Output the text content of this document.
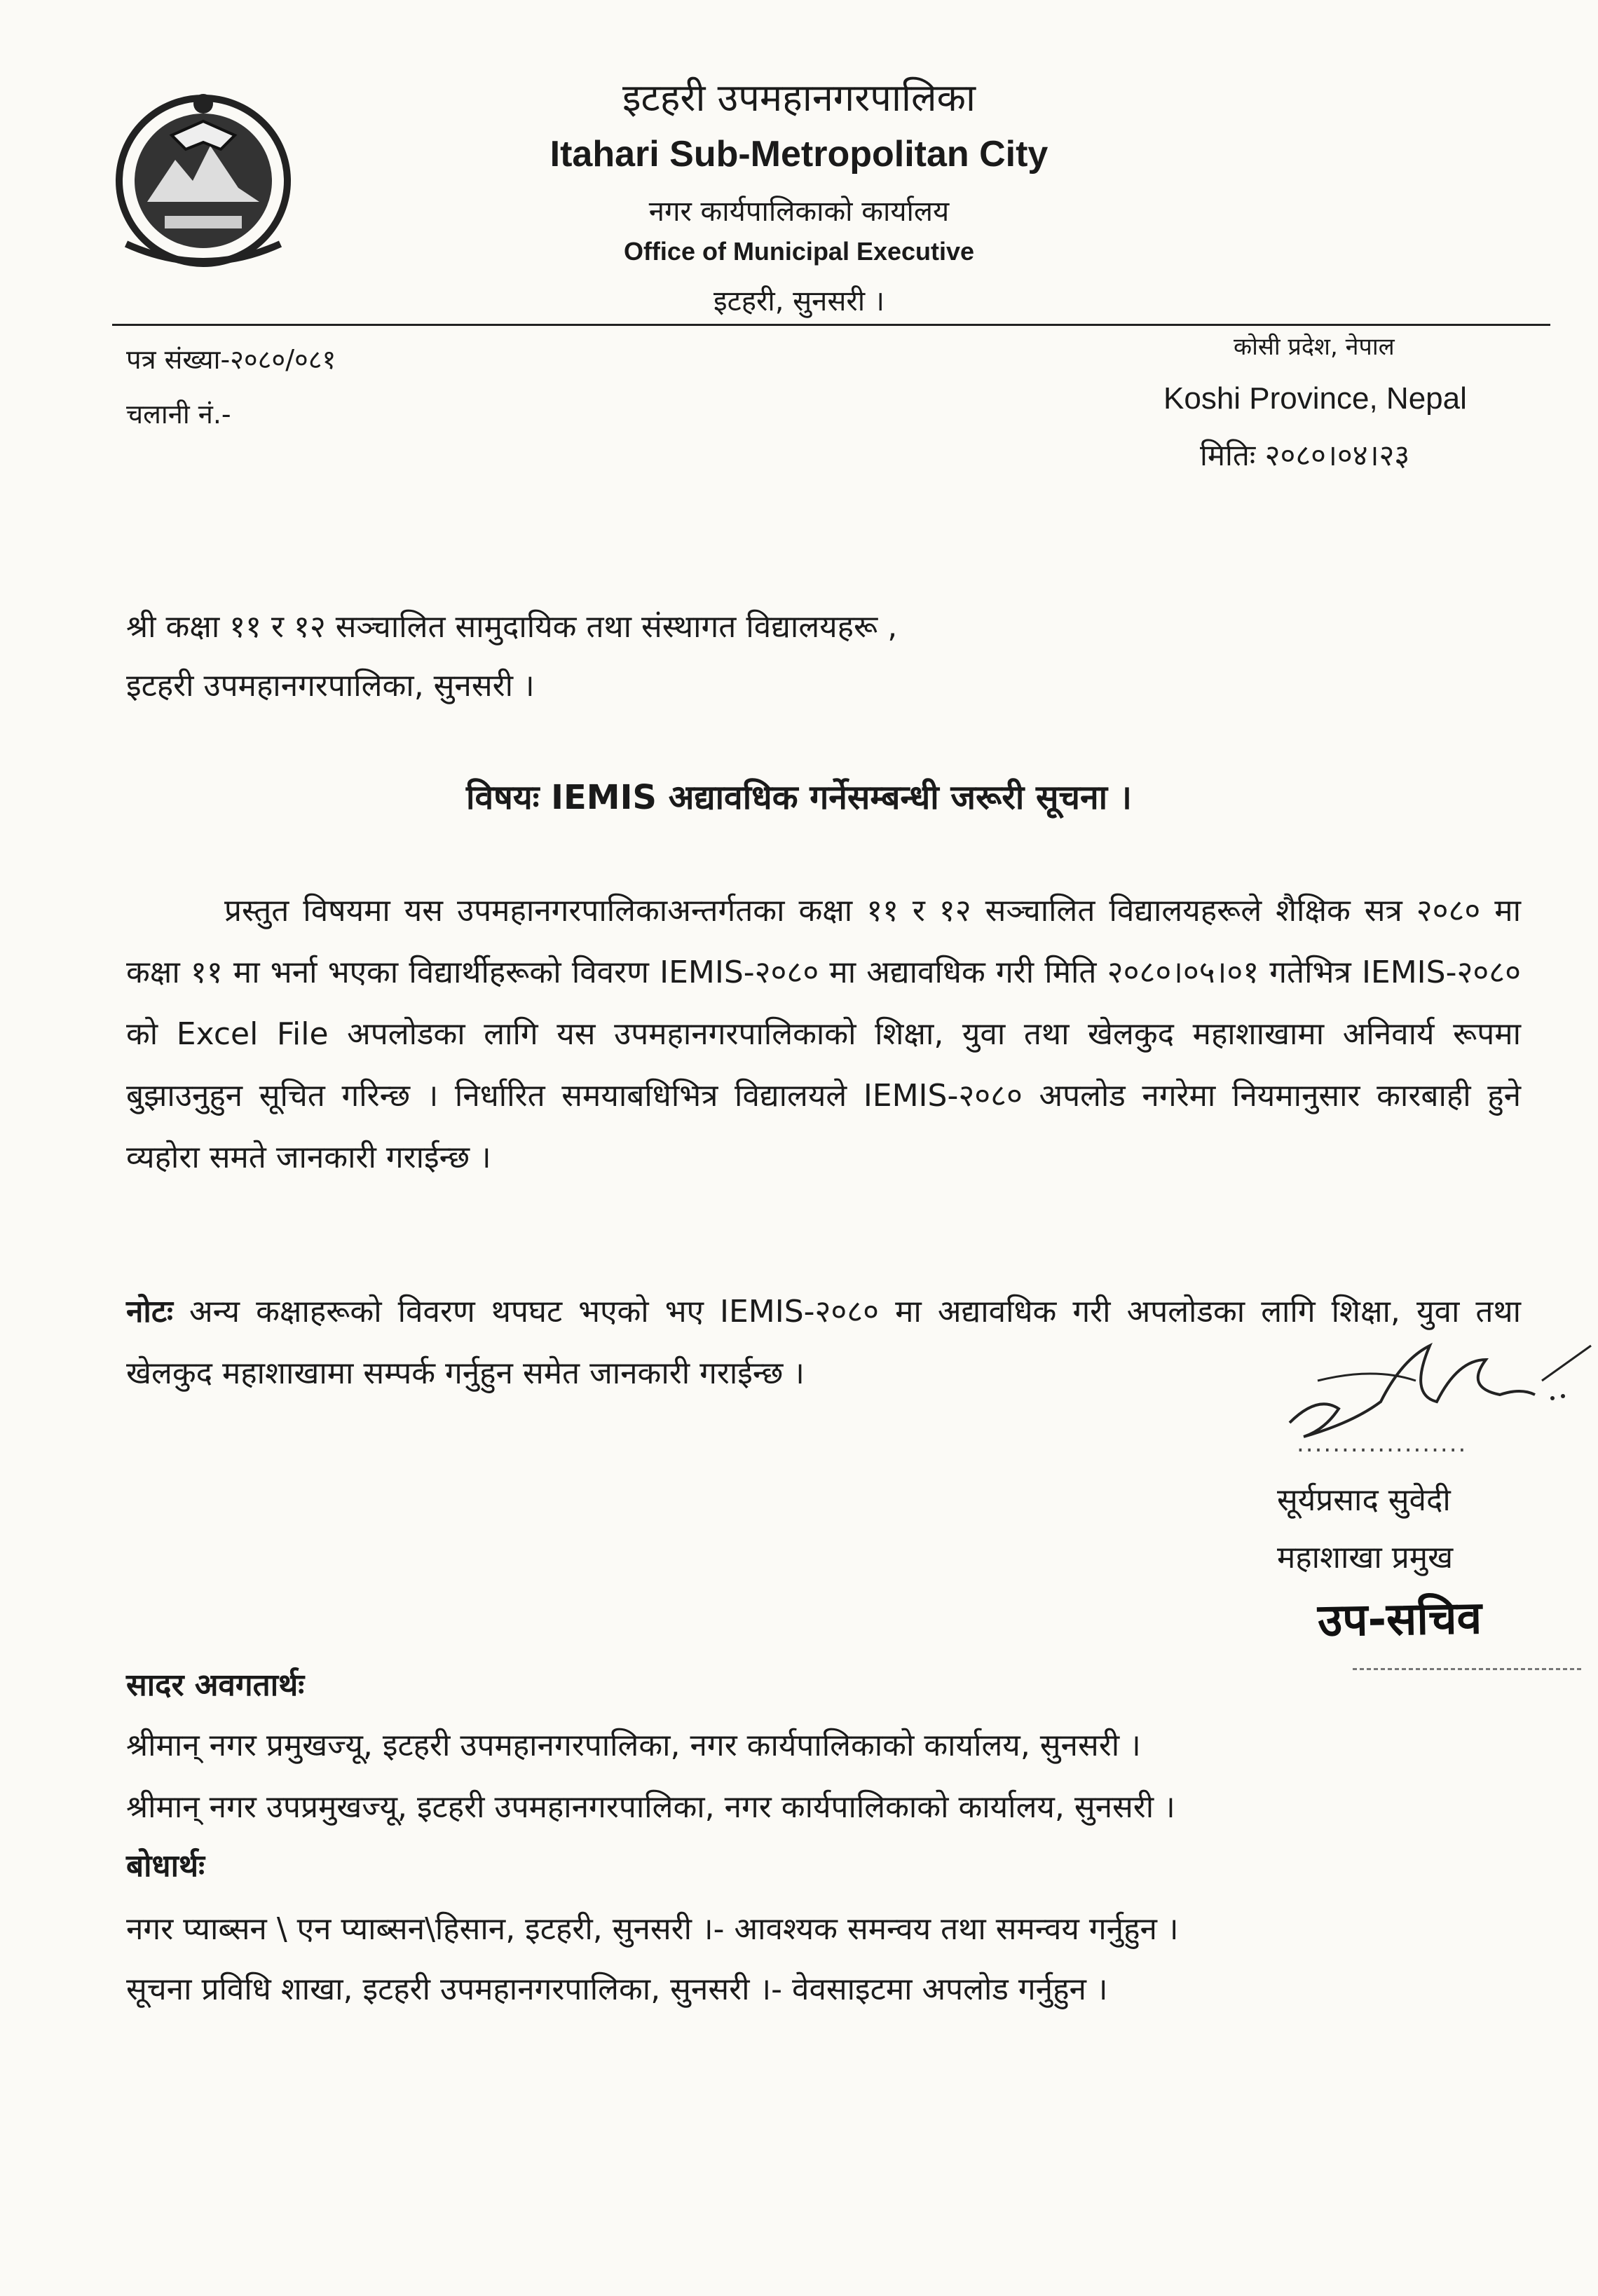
इटहरी उपमहानगरपालिका
Itahari Sub-Metropolitan City
नगर कार्यपालिकाको कार्यालय
Office of Municipal Executive
इटहरी, सुनसरी ।
पत्र संख्या-२०८०/०८१
चलानी नं.-
कोसी प्रदेश, नेपाल
Koshi Province, Nepal
मितिः २०८०।०४।२३
श्री कक्षा ११ र १२ सञ्चालित सामुदायिक तथा संस्थागत विद्यालयहरू ,
इटहरी उपमहानगरपालिका, सुनसरी ।
विषयः IEMIS अद्यावधिक गर्नेसम्बन्धी जरूरी सूचना ।
प्रस्तुत विषयमा यस उपमहानगरपालिकाअन्तर्गतका कक्षा ११ र १२ सञ्चालित विद्यालयहरूले शैक्षिक सत्र २०८० मा कक्षा ११ मा भर्ना भएका विद्यार्थीहरूको विवरण IEMIS-२०८० मा अद्यावधिक गरी मिति २०८०।०५।०१ गतेभित्र IEMIS-२०८० को Excel File अपलोडका लागि यस उपमहानगरपालिकाको शिक्षा, युवा तथा खेलकुद महाशाखामा अनिवार्य रूपमा बुझाउनुहुन सूचित गरिन्छ । निर्धारित समयाबधिभित्र विद्यालयले IEMIS-२०८० अपलोड नगरेमा नियमानुसार कारबाही हुने व्यहोरा समते जानकारी गराईन्छ ।
नोटः अन्य कक्षाहरूको विवरण थपघट भएको भए IEMIS-२०८० मा अद्यावधिक गरी अपलोडका लागि शिक्षा, युवा तथा खेलकुद महाशाखामा सम्पर्क गर्नुहुन समेत जानकारी गराईन्छ ।
...................
सूर्यप्रसाद सुवेदी
महाशाखा प्रमुख
उप-सचिव
सादर अवगतार्थः
श्रीमान् नगर प्रमुखज्यू, इटहरी उपमहानगरपालिका, नगर कार्यपालिकाको कार्यालय, सुनसरी ।
श्रीमान् नगर उपप्रमुखज्यू, इटहरी उपमहानगरपालिका, नगर कार्यपालिकाको कार्यालय, सुनसरी ।
बोधार्थः
नगर प्याब्सन \ एन प्याब्सन\हिसान, इटहरी, सुनसरी ।- आवश्यक समन्वय तथा समन्वय गर्नुहुन ।
सूचना प्रविधि शाखा, इटहरी उपमहानगरपालिका, सुनसरी ।- वेवसाइटमा अपलोड गर्नुहुन ।
